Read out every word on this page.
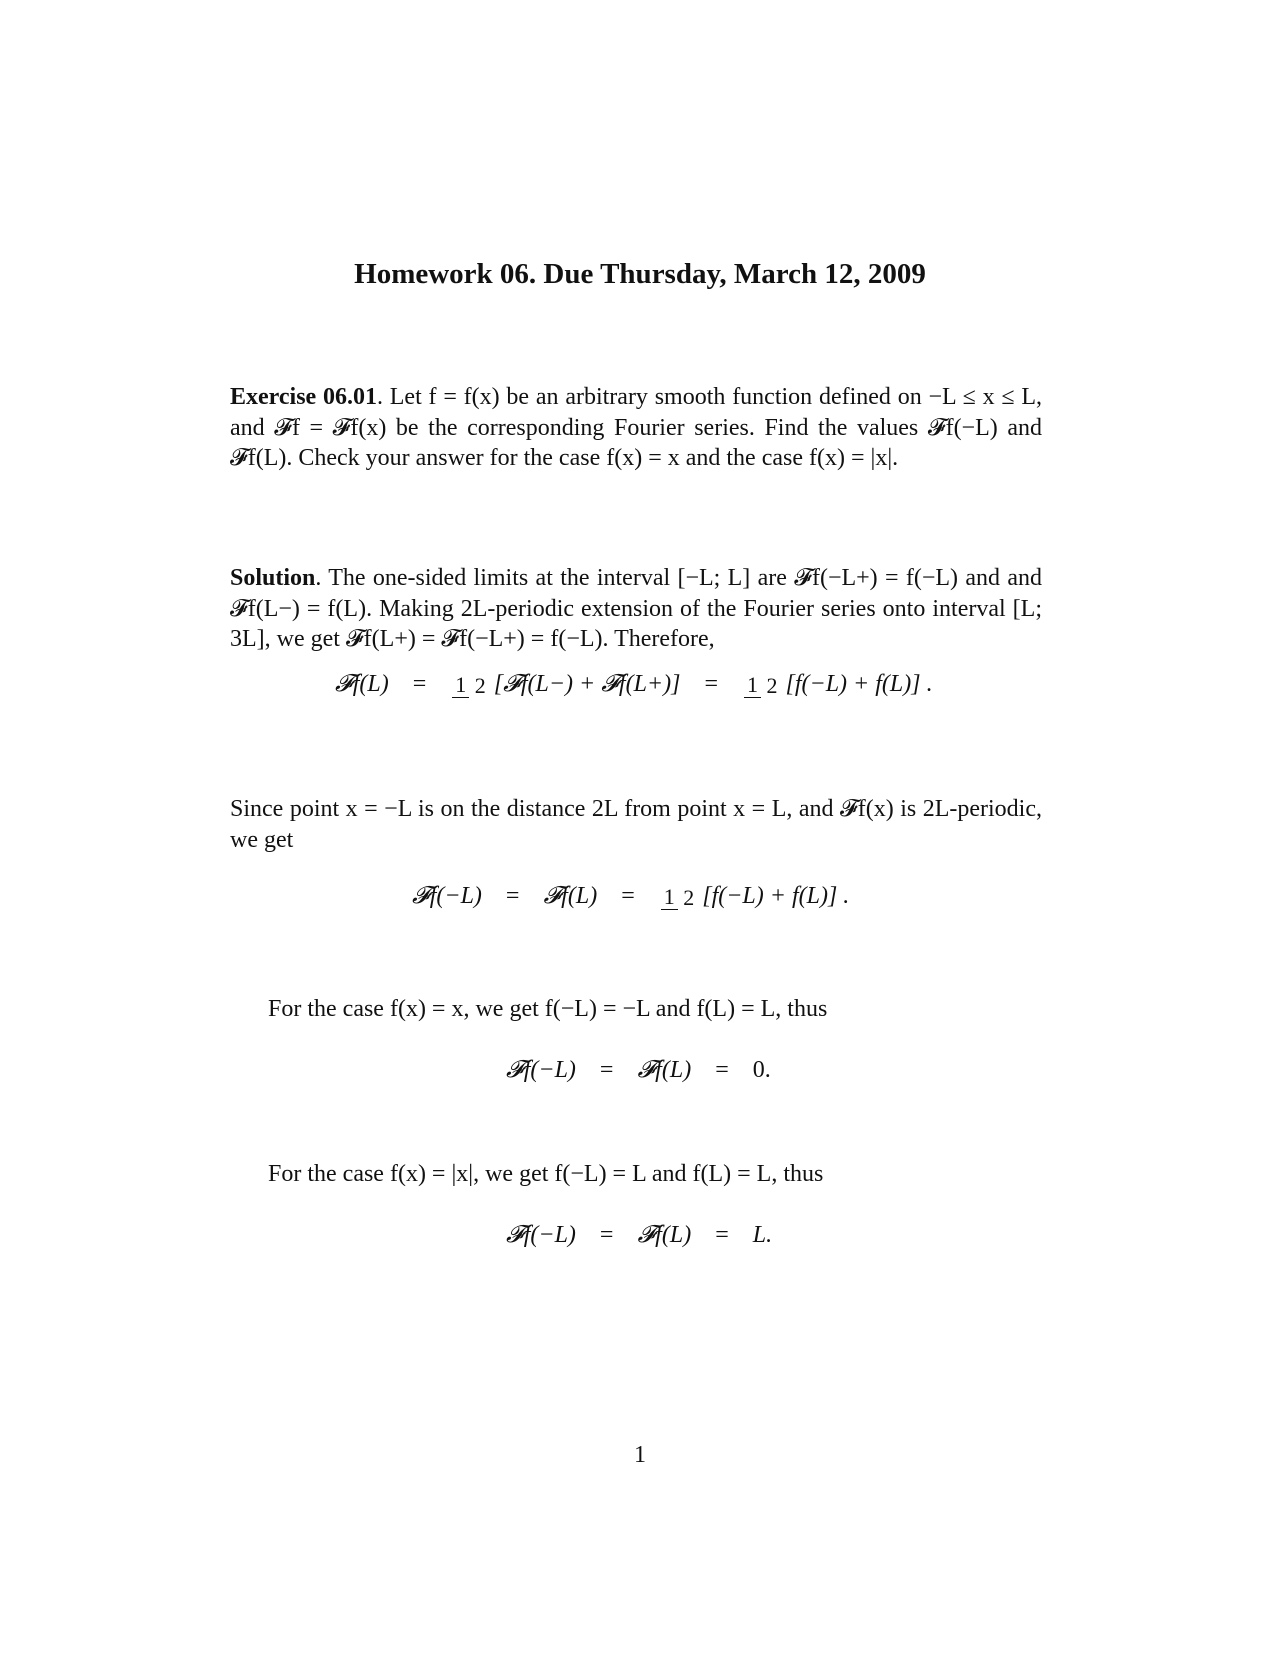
Homework 06. Due Thursday, March 12, 2009
Exercise 06.01. Let f = f(x) be an arbitrary smooth function defined on −L ≤ x ≤ L, and 𝓕f = 𝓕f(x) be the corresponding Fourier series. Find the values 𝓕f(−L) and 𝓕f(L). Check your answer for the case f(x) = x and the case f(x) = |x|.
Solution. The one-sided limits at the interval [−L; L] are 𝓕f(−L+) = f(−L) and and 𝓕f(L−) = f(L). Making 2L-periodic extension of the Fourier series onto interval [L; 3L], we get 𝓕f(L+) = 𝓕f(−L+) = f(−L). Therefore,
𝓕f(L) = 1 2 [𝓕f(L−) + 𝓕f(L+)] = 1 2 [f(−L) + f(L)] .
Since point x = −L is on the distance 2L from point x = L, and 𝓕f(x) is 2L-periodic, we get
𝓕f(−L) = 𝓕f(L) = 1 2 [f(−L) + f(L)] .
For the case f(x) = x, we get f(−L) = −L and f(L) = L, thus
𝓕f(−L) = 𝓕f(L) = 0.
For the case f(x) = |x|, we get f(−L) = L and f(L) = L, thus
𝓕f(−L) = 𝓕f(L) = L.
1
